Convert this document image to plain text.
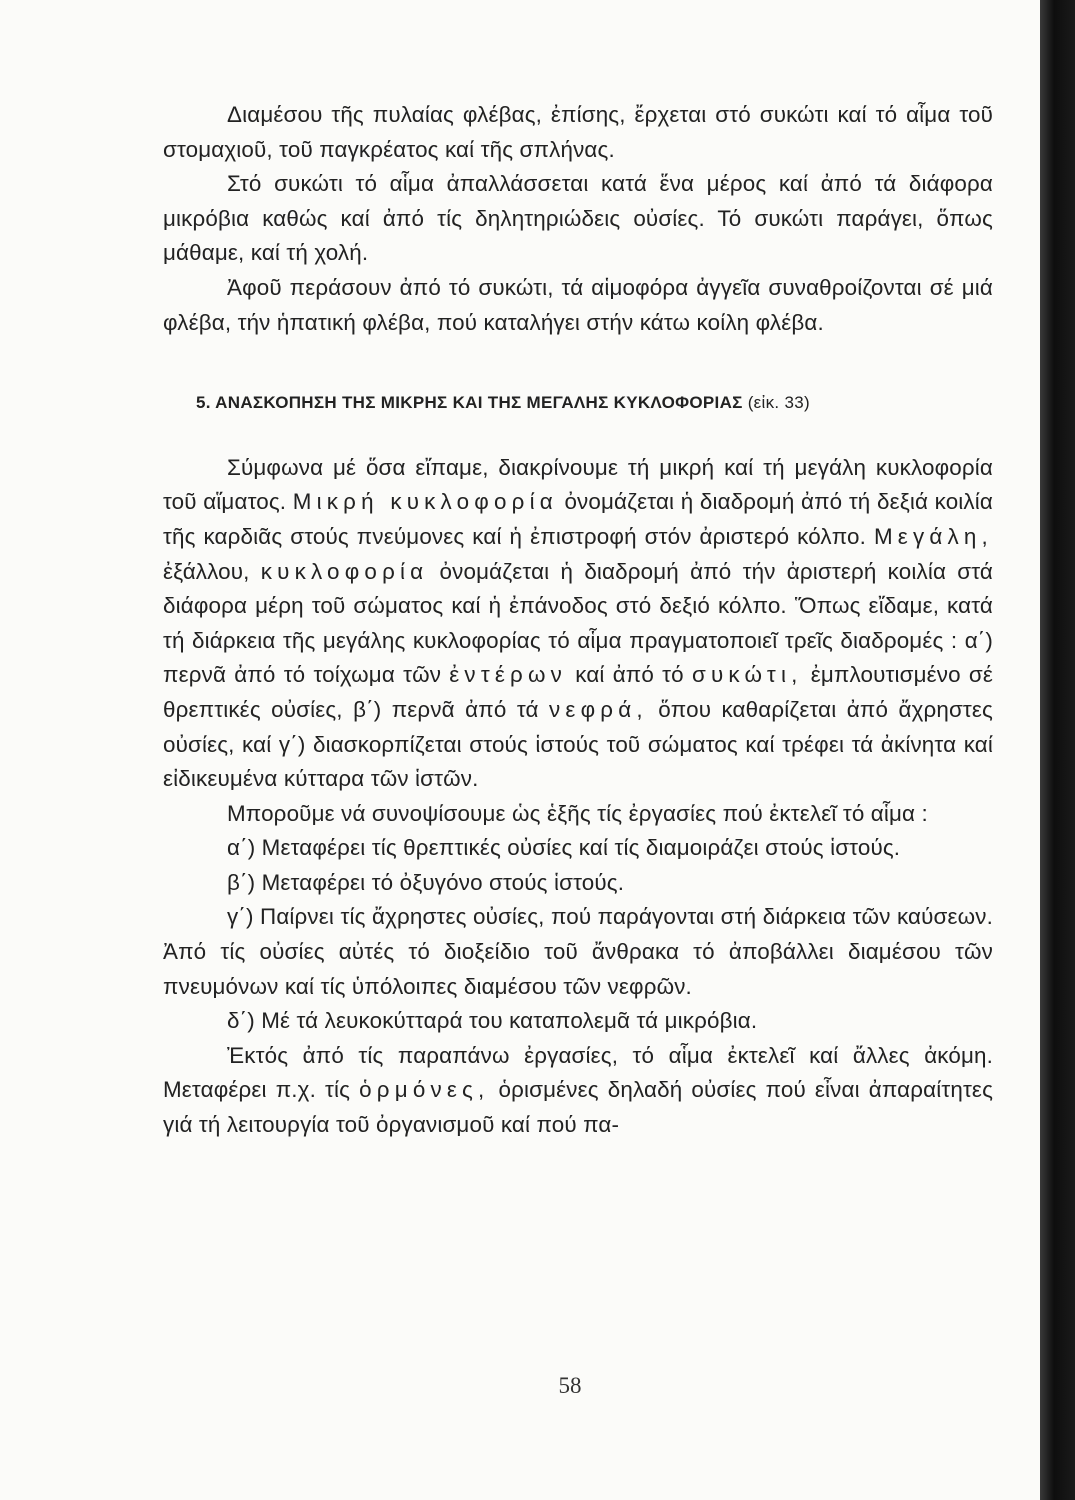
Διαμέσου τῆς πυλαίας φλέβας, ἐπίσης, ἔρχεται στό συκώτι καί τό αἷμα τοῦ στομαχιοῦ, τοῦ παγκρέατος καί τῆς σπλήνας.

Στό συκώτι τό αἷμα ἀπαλλάσσεται κατά ἕνα μέρος καί ἀπό τά διάφορα μικρόβια καθώς καί ἀπό τίς δηλητηριώδεις οὐσίες. Τό συκώτι παράγει, ὅπως μάθαμε, καί τή χολή.

Ἀφοῦ περάσουν ἀπό τό συκώτι, τά αἱμοφόρα ἀγγεῖα συναθροίζονται σέ μιά φλέβα, τήν ἡπατική φλέβα, πού καταλήγει στήν κάτω κοίλη φλέβα.

5. ΑΝΑΣΚΟΠΗΣΗ ΤΗΣ ΜΙΚΡΗΣ ΚΑΙ ΤΗΣ ΜΕΓΑΛΗΣ ΚΥΚΛΟΦΟΡΙΑΣ (εἰκ. 33)

Σύμφωνα μέ ὅσα εἴπαμε, διακρίνουμε τή μικρή καί τή μεγάλη κυκλοφορία τοῦ αἵματος. Μικρή κυκλοφορία ὀνομάζεται ἡ διαδρομή ἀπό τή δεξιά κοιλία τῆς καρδιᾶς στούς πνεύμονες καί ἡ ἐπιστροφή στόν ἀριστερό κόλπο. Μεγάλη, ἐξάλλου, κυκλοφορία ὀνομάζεται ἡ διαδρομή ἀπό τήν ἀριστερή κοιλία στά διάφορα μέρη τοῦ σώματος καί ἡ ἐπάνοδος στό δεξιό κόλπο. Ὅπως εἴδαμε, κατά τή διάρκεια τῆς μεγάλης κυκλοφορίας τό αἷμα πραγματοποιεῖ τρεῖς διαδρομές : α΄) περνᾶ ἀπό τό τοίχωμα τῶν ἐντέρων καί ἀπό τό συκώτι, ἐμπλουτισμένο σέ θρεπτικές οὐσίες, β΄) περνᾶ ἀπό τά νεφρά, ὅπου καθαρίζεται ἀπό ἄχρηστες οὐσίες, καί γ΄) διασκορπίζεται στούς ἱστούς τοῦ σώματος καί τρέφει τά ἀκίνητα καί εἰδικευμένα κύτταρα τῶν ἱστῶν.

Μποροῦμε νά συνοψίσουμε ὡς ἑξῆς τίς ἐργασίες πού ἐκτελεῖ τό αἷμα :

α΄) Μεταφέρει τίς θρεπτικές οὐσίες καί τίς διαμοιράζει στούς ἱστούς.

β΄) Μεταφέρει τό ὀξυγόνο στούς ἱστούς.

γ΄) Παίρνει τίς ἄχρηστες οὐσίες, πού παράγονται στή διάρκεια τῶν καύσεων. Ἀπό τίς οὐσίες αὐτές τό διοξείδιο τοῦ ἄνθρακα τό ἀποβάλλει διαμέσου τῶν πνευμόνων καί τίς ὑπόλοιπες διαμέσου τῶν νεφρῶν.

δ΄) Μέ τά λευκοκύτταρά του καταπολεμᾶ τά μικρόβια.

Ἐκτός ἀπό τίς παραπάνω ἐργασίες, τό αἷμα ἐκτελεῖ καί ἄλλες ἀκόμη. Μεταφέρει π.χ. τίς ὁρμόνες, ὁρισμένες δηλαδή οὐσίες πού εἶναι ἀπαραίτητες γιά τή λειτουργία τοῦ ὀργανισμοῦ καί πού πα-

58
